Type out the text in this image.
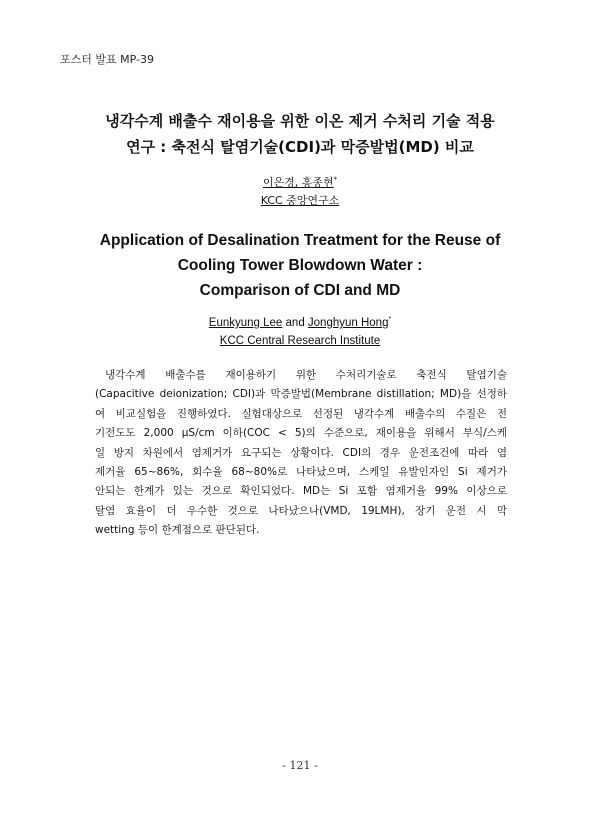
포스터 발표 MP-39
냉각수계 배출수 재이용을 위한 이온 제거 수처리 기술 적용
연구 : 축전식 탈염기술(CDI)과 막증발법(MD) 비교
이은경, 홍종현*
KCC 중앙연구소
Application of Desalination Treatment for the Reuse of
Cooling Tower Blowdown Water :
Comparison of CDI and MD
Eunkyung Lee and Jonghyun Hong*
KCC Central Research Institute
냉각수계 배출수를 재이용하기 위한 수처리기술로 축전식 탈염기술
(Capacitive deionization; CDI)과 막증발법(Membrane distillation; MD)을 선정하
여 비교실험을 진행하였다. 실험대상으로 선정된 냉각수계 배출수의 수질은 전
기전도도 2,000 μS/cm 이하(COC < 5)의 수준으로, 재이용을 위해서 부식/스케
일 방지 차원에서 염제거가 요구되는 상황이다. CDI의 경우 운전조건에 따라 염
제거율 65~86%, 회수율 68~80%로 나타났으며, 스케일 유발인자인 Si 제거가
안되는 한계가 있는 것으로 확인되었다. MD는 Si 포함 염제거율 99% 이상으로
탈염 효율이 더 우수한 것으로 나타났으나(VMD, 19LMH), 장기 운전 시 막
wetting 등이 한계점으로 판단된다.
- 121 -
